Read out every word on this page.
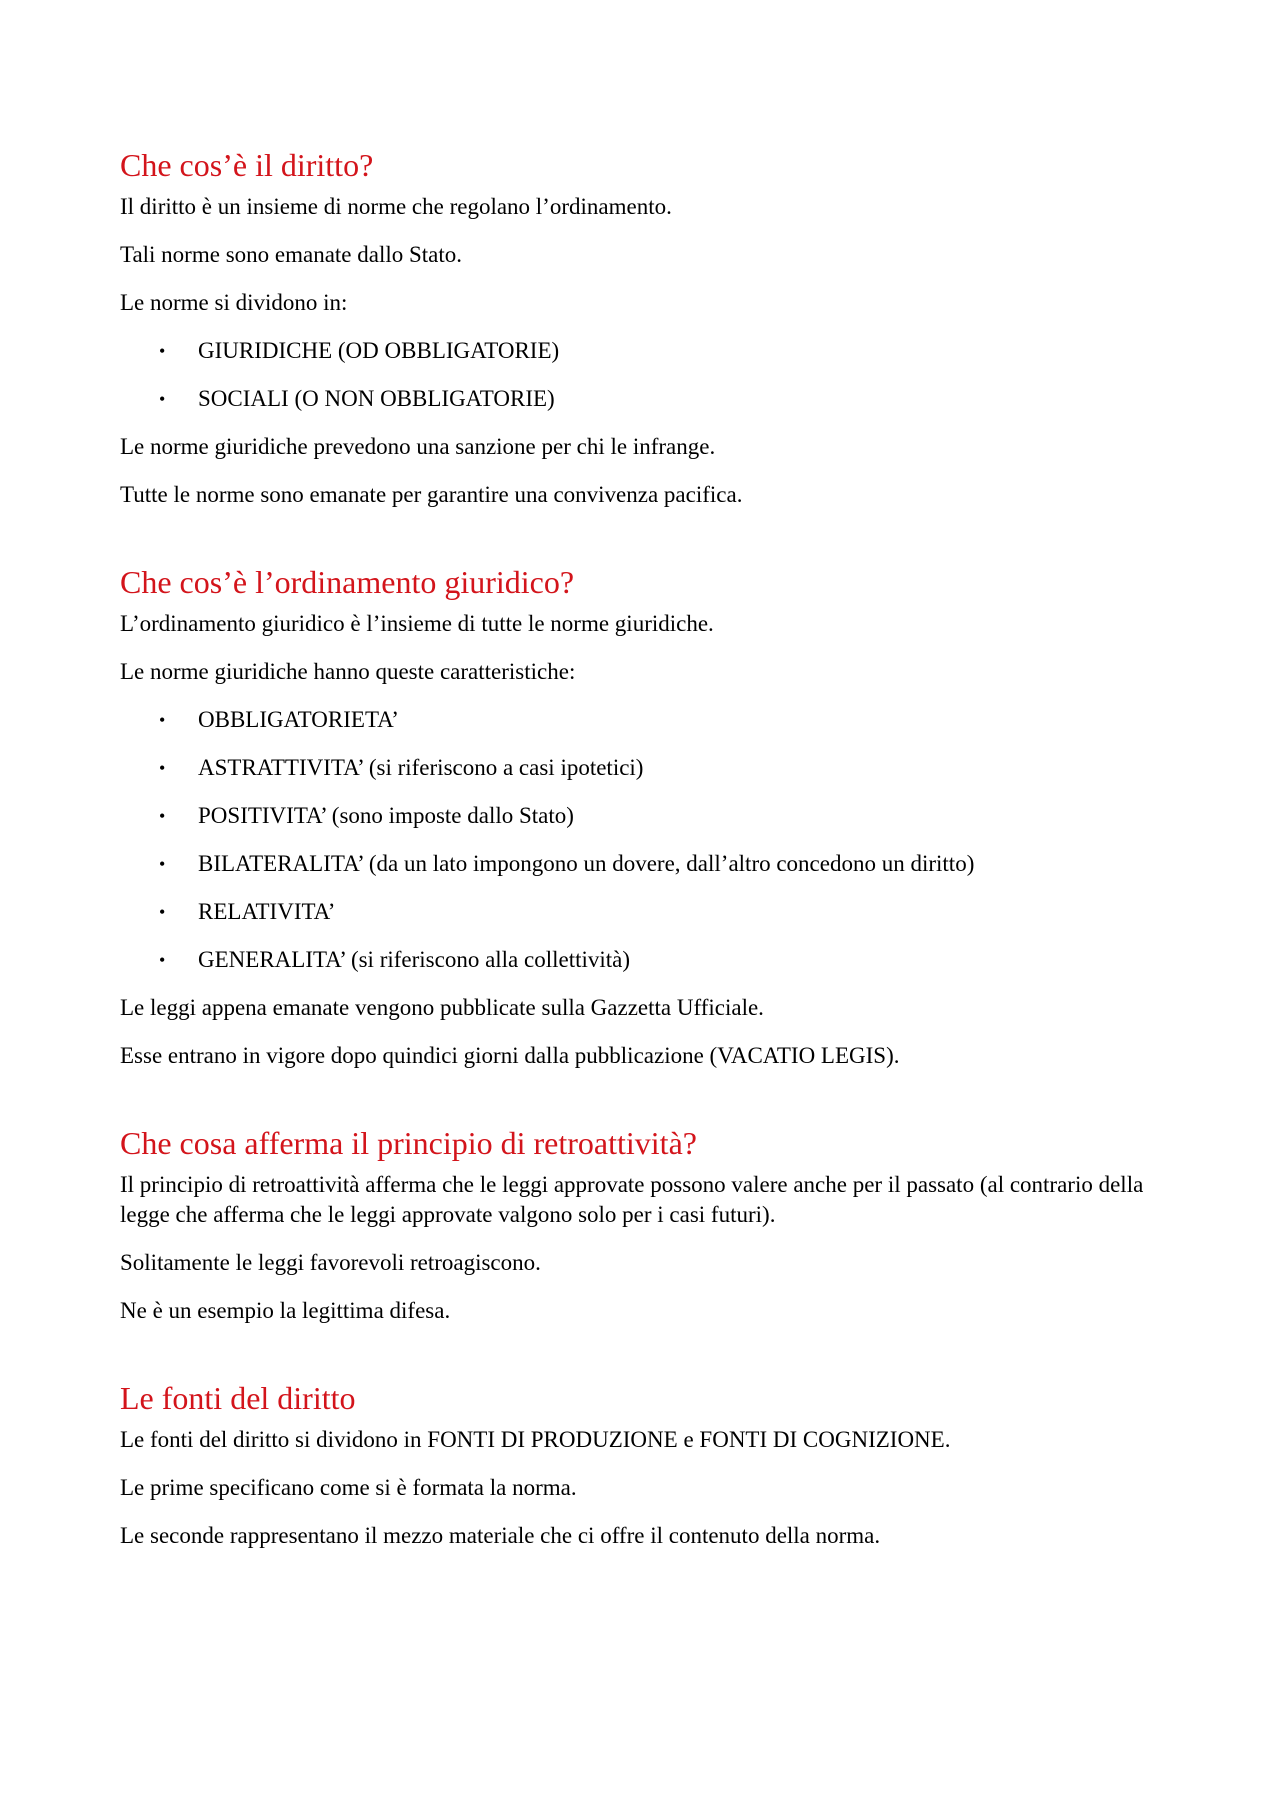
Che cos’è il diritto?

Il diritto è un insieme di norme che regolano l’ordinamento.

Tali norme sono emanate dallo Stato.

Le norme si dividono in:

• GIURIDICHE (OD OBBLIGATORIE)
• SOCIALI (O NON OBBLIGATORIE)

Le norme giuridiche prevedono una sanzione per chi le infrange.

Tutte le norme sono emanate per garantire una convivenza pacifica.

Che cos’è l’ordinamento giuridico?

L’ordinamento giuridico è l’insieme di tutte le norme giuridiche.

Le norme giuridiche hanno queste caratteristiche:

• OBBLIGATORIETA’
• ASTRATTIVITA’ (si riferiscono a casi ipotetici)
• POSITIVITA’ (sono imposte dallo Stato)
• BILATERALITA’ (da un lato impongono un dovere, dall’altro concedono un diritto)
• RELATIVITA’
• GENERALITA’ (si riferiscono alla collettività)

Le leggi appena emanate vengono pubblicate sulla Gazzetta Ufficiale.

Esse entrano in vigore dopo quindici giorni dalla pubblicazione (VACATIO LEGIS).

Che cosa afferma il principio di retroattività?

Il principio di retroattività afferma che le leggi approvate possono valere anche per il passato (al contrario della legge che afferma che le leggi approvate valgono solo per i casi futuri).

Solitamente le leggi favorevoli retroagiscono.

Ne è un esempio la legittima difesa.

Le fonti del diritto

Le fonti del diritto si dividono in FONTI DI PRODUZIONE e FONTI DI COGNIZIONE.

Le prime specificano come si è formata la norma.

Le seconde rappresentano il mezzo materiale che ci offre il contenuto della norma.
